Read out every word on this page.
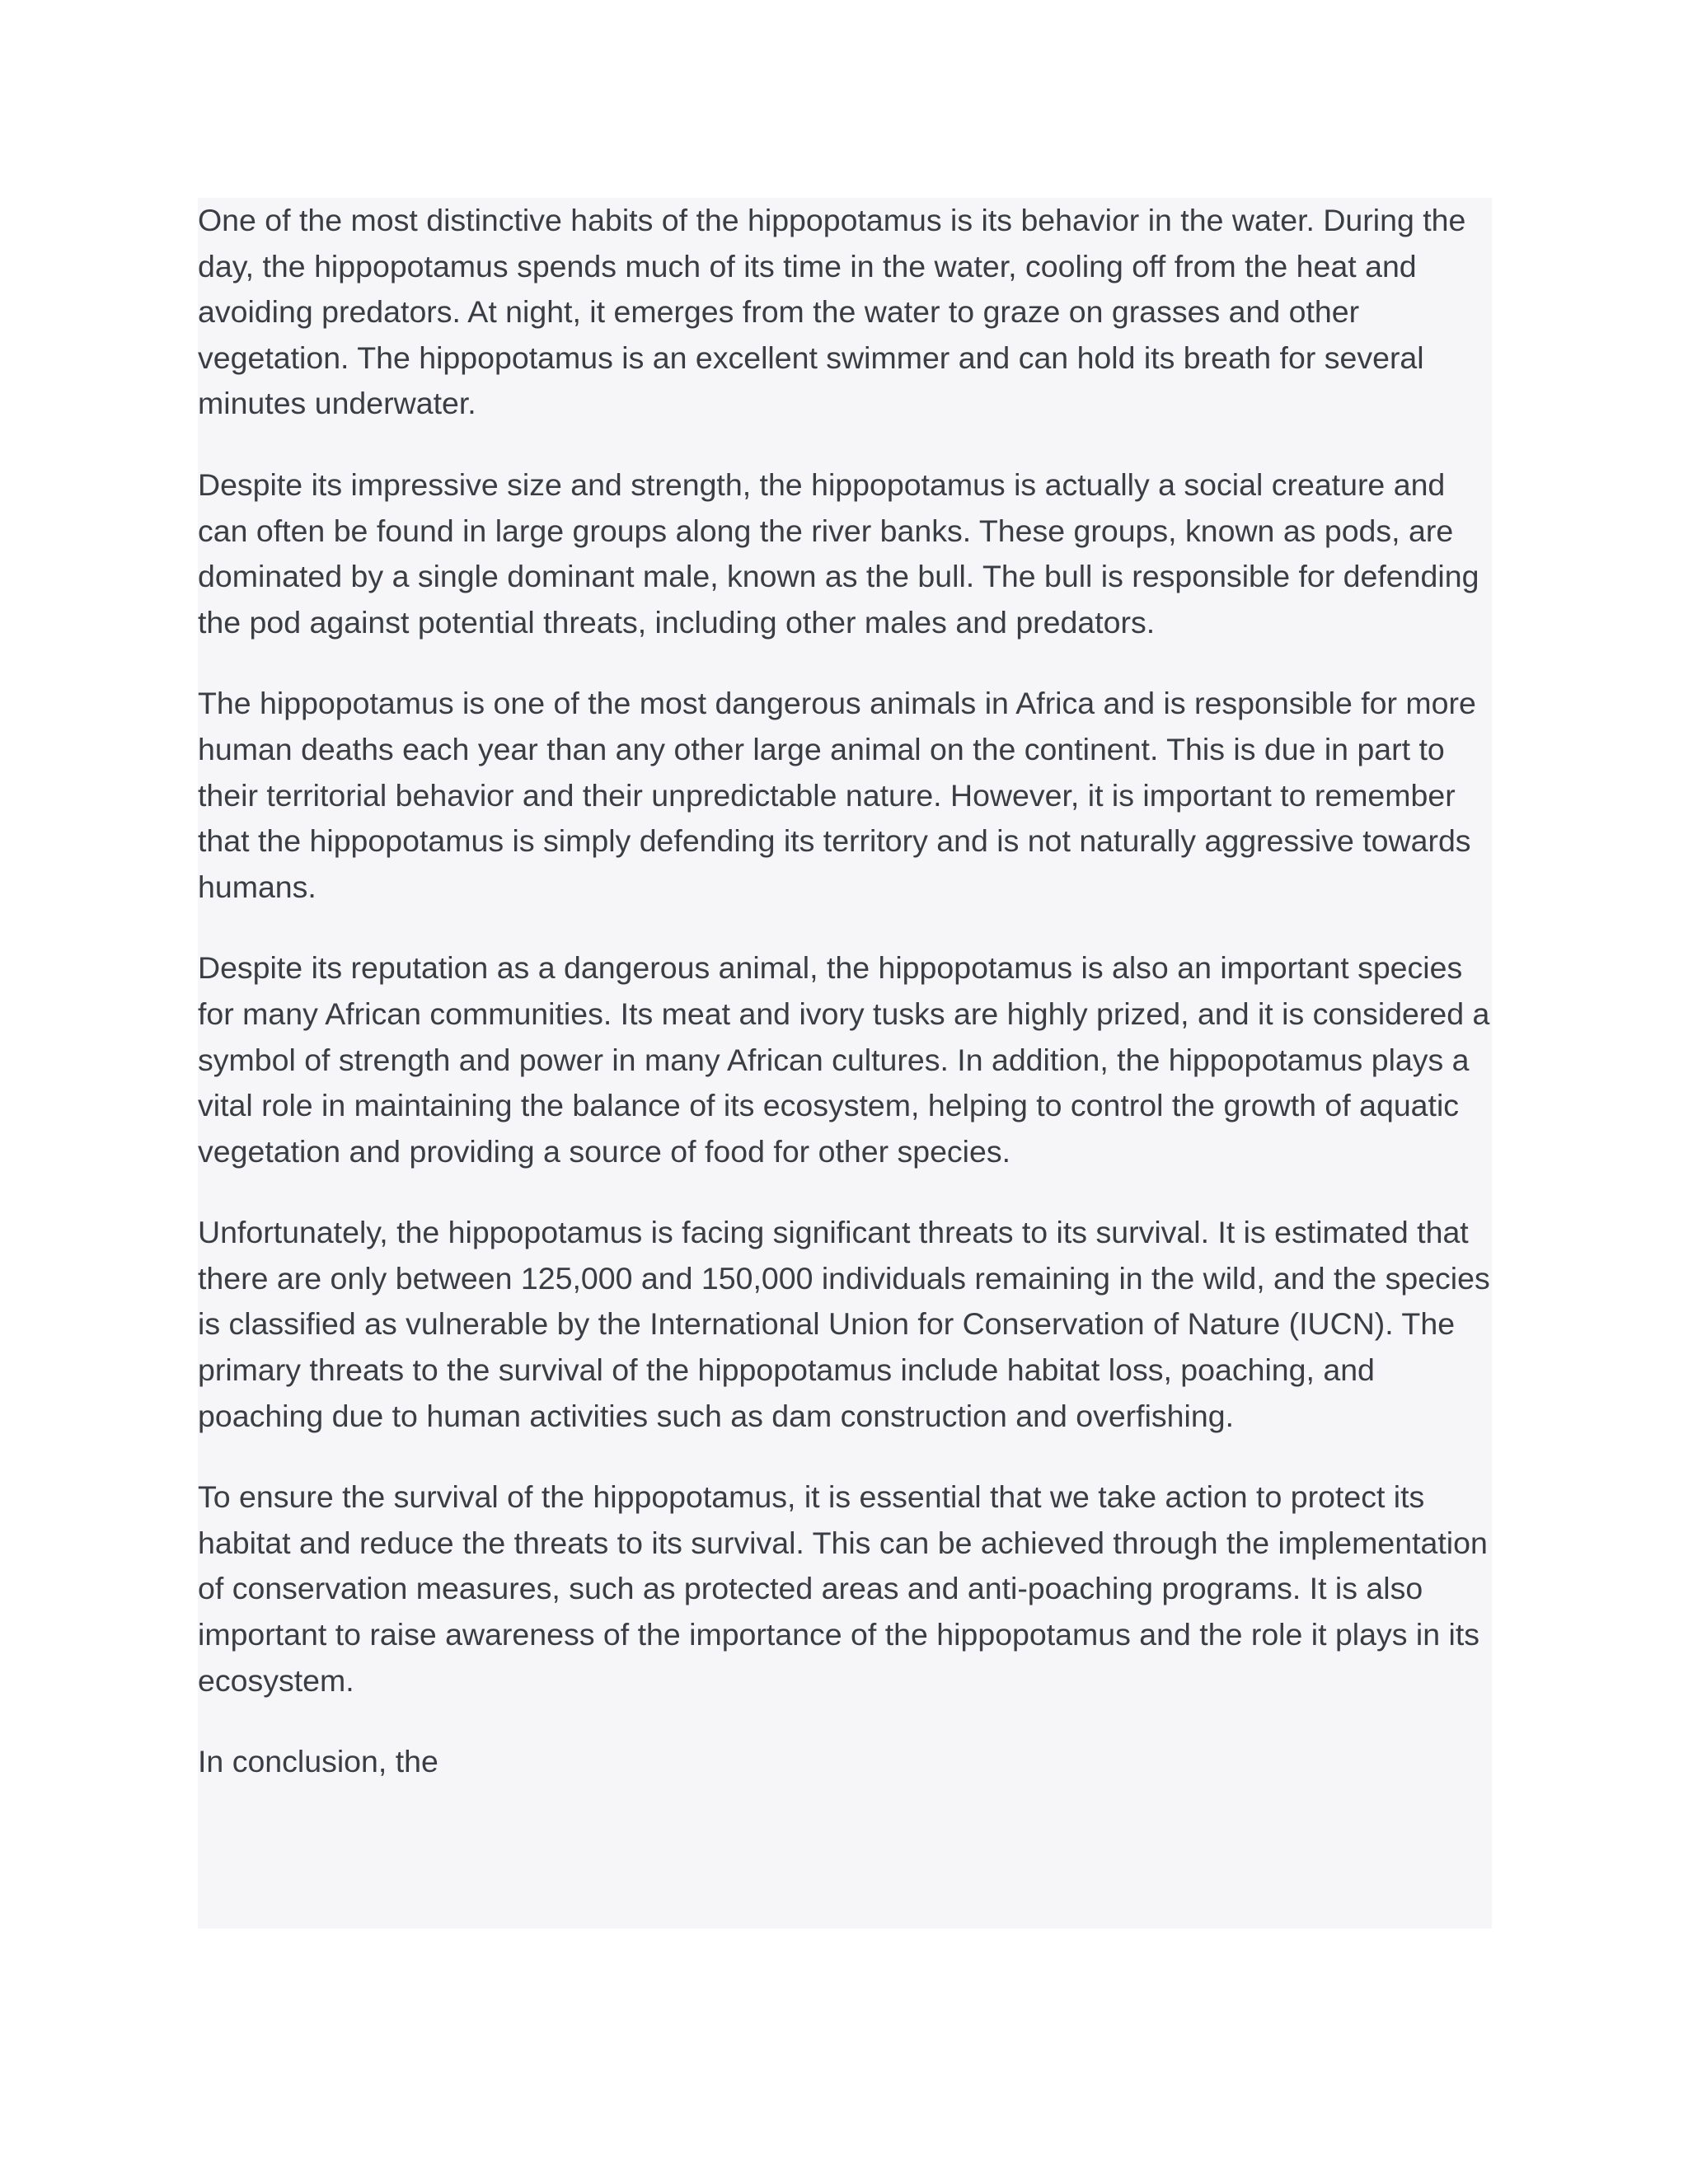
One of the most distinctive habits of the hippopotamus is its behavior in the water. During the day, the hippopotamus spends much of its time in the water, cooling off from the heat and avoiding predators. At night, it emerges from the water to graze on grasses and other vegetation. The hippopotamus is an excellent swimmer and can hold its breath for several minutes underwater.

Despite its impressive size and strength, the hippopotamus is actually a social creature and can often be found in large groups along the river banks. These groups, known as pods, are dominated by a single dominant male, known as the bull. The bull is responsible for defending the pod against potential threats, including other males and predators.

The hippopotamus is one of the most dangerous animals in Africa and is responsible for more human deaths each year than any other large animal on the continent. This is due in part to their territorial behavior and their unpredictable nature. However, it is important to remember that the hippopotamus is simply defending its territory and is not naturally aggressive towards humans.

Despite its reputation as a dangerous animal, the hippopotamus is also an important species for many African communities. Its meat and ivory tusks are highly prized, and it is considered a symbol of strength and power in many African cultures. In addition, the hippopotamus plays a vital role in maintaining the balance of its ecosystem, helping to control the growth of aquatic vegetation and providing a source of food for other species.

Unfortunately, the hippopotamus is facing significant threats to its survival. It is estimated that there are only between 125,000 and 150,000 individuals remaining in the wild, and the species is classified as vulnerable by the International Union for Conservation of Nature (IUCN). The primary threats to the survival of the hippopotamus include habitat loss, poaching, and poaching due to human activities such as dam construction and overfishing.

To ensure the survival of the hippopotamus, it is essential that we take action to protect its habitat and reduce the threats to its survival. This can be achieved through the implementation of conservation measures, such as protected areas and anti-poaching programs. It is also important to raise awareness of the importance of the hippopotamus and the role it plays in its ecosystem.

In conclusion, the
